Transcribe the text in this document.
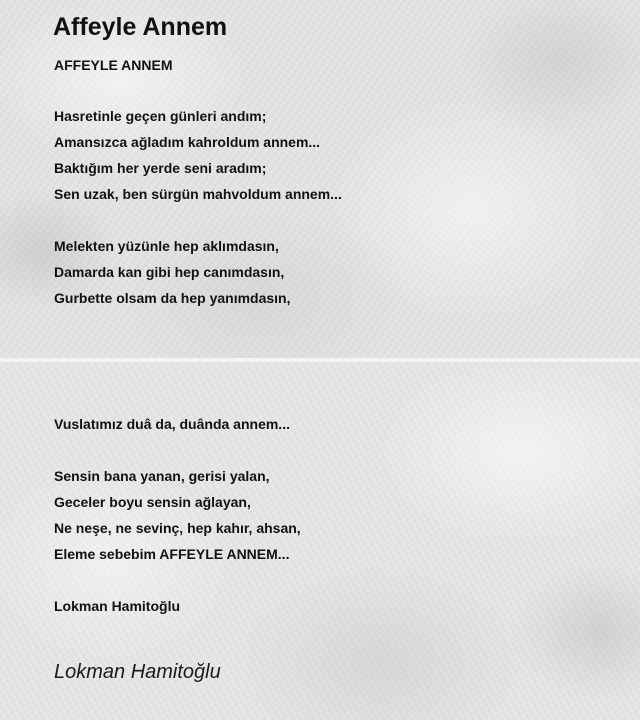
Affeyle Annem

AFFEYLE ANNEM

Hasretinle geçen günleri andım;

Amansızca ağladım kahroldum annem...

Baktığım her yerde seni aradım;

Sen uzak, ben sürgün mahvoldum annem...

Melekten yüzünle hep aklımdasın,

Damarda kan gibi hep canımdasın,

Gurbette olsam da hep yanımdasın,

Vuslatımız duâ da, duânda annem...

Sensin bana yanan, gerisi yalan,

Geceler boyu sensin ağlayan,

Ne neşe, ne sevinç, hep kahır, ahsan,

Eleme sebebim AFFEYLE ANNEM...

Lokman Hamitoğlu

Lokman Hamitoğlu
